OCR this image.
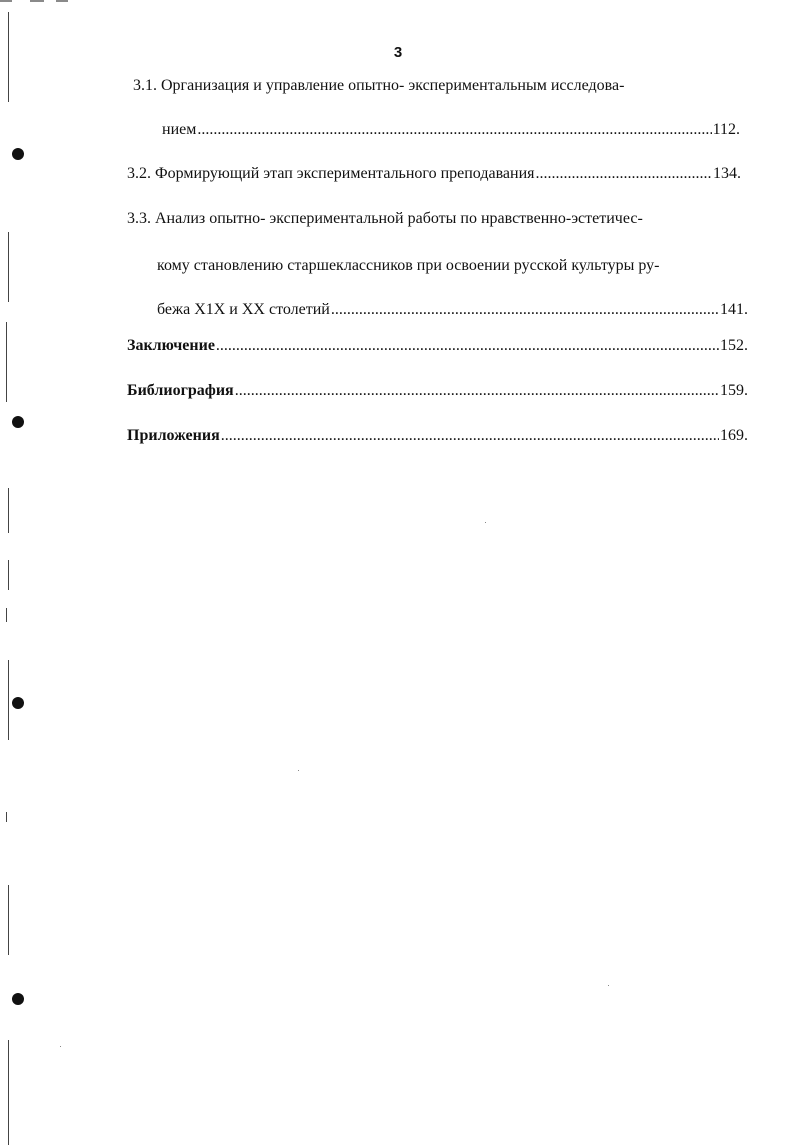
3
3.1. Организация и управление опытно- экспериментальным исследова-
нием .....	112.
3.2. Формирующий этап экспериментального преподавания .....	134.
3.3. Анализ опытно- экспериментальной работы по нравственно-эстетичес-
кому становлению старшеклассников при освоении русской культуры ру-
бежа Х1Х и ХХ столетий .....	141.
Заключение .....	152.
Библиография .....	159.
Приложения .....	169.
